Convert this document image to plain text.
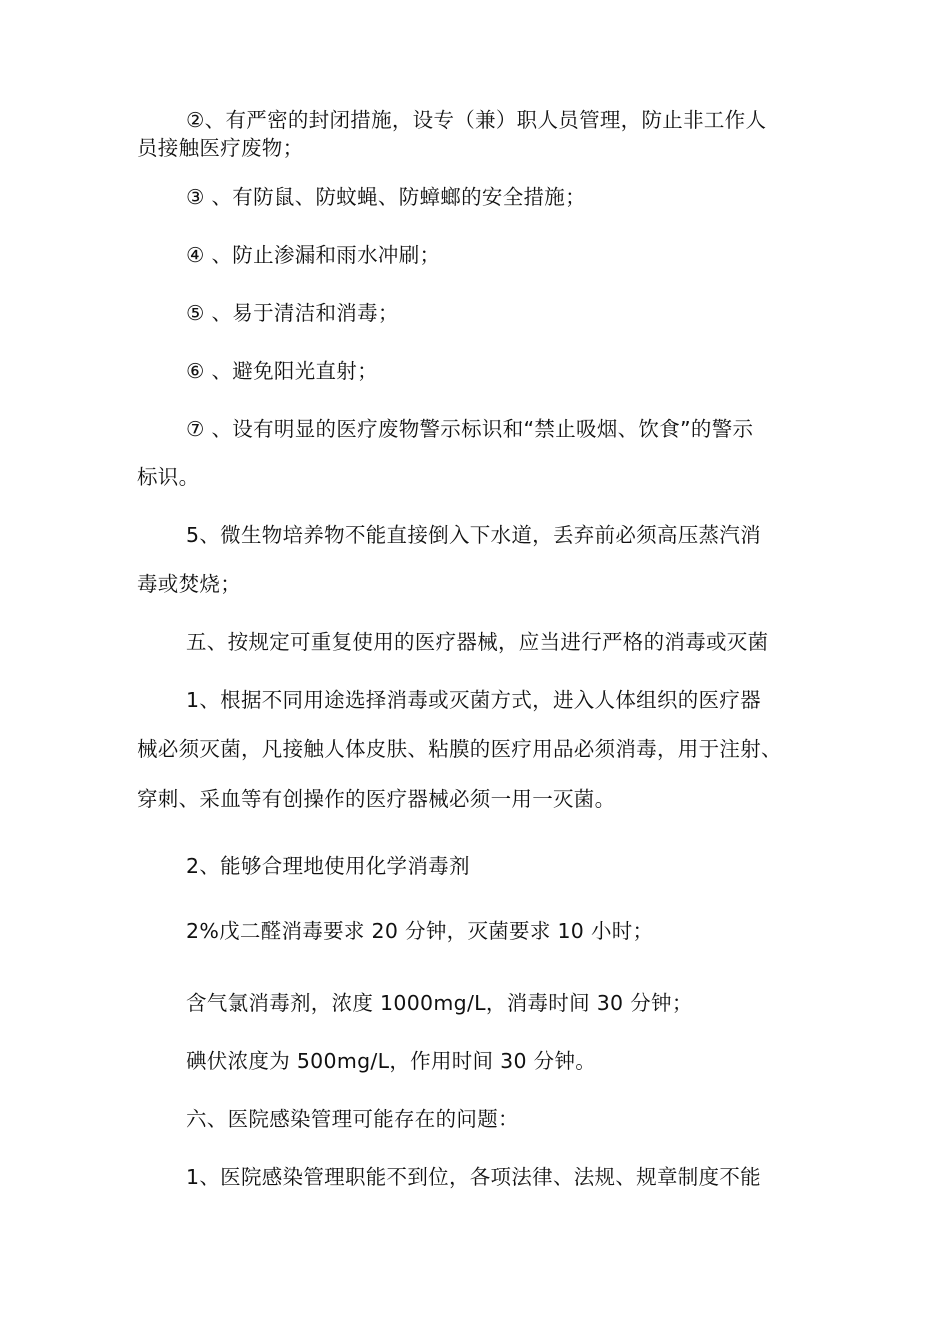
②、有严密的封闭措施，设专（兼）职人员管理，防止非工作人
员接触医疗废物；
③ 、有防鼠、防蚊蝇、防蟑螂的安全措施；
④ 、防止渗漏和雨水冲刷；
⑤ 、易于清洁和消毒；
⑥ 、避免阳光直射；
⑦ 、设有明显的医疗废物警示标识和“禁止吸烟、饮食”的警示
标识。
5、微生物培养物不能直接倒入下水道，丢弃前必须高压蒸汽消
毒或焚烧；
五、按规定可重复使用的医疗器械，应当进行严格的消毒或灭菌
1、根据不同用途选择消毒或灭菌方式，进入人体组织的医疗器
械必须灭菌，凡接触人体皮肤、粘膜的医疗用品必须消毒，用于注射、
穿刺、采血等有创操作的医疗器械必须一用一灭菌。
2、能够合理地使用化学消毒剂
2%戊二醛消毒要求 20 分钟，灭菌要求 10 小时；
含气氯消毒剂，浓度 1000mg/L，消毒时间 30 分钟；
碘伏浓度为 500mg/L，作用时间 30 分钟。
六、医院感染管理可能存在的问题：
1、医院感染管理职能不到位，各项法律、法规、规章制度不能
